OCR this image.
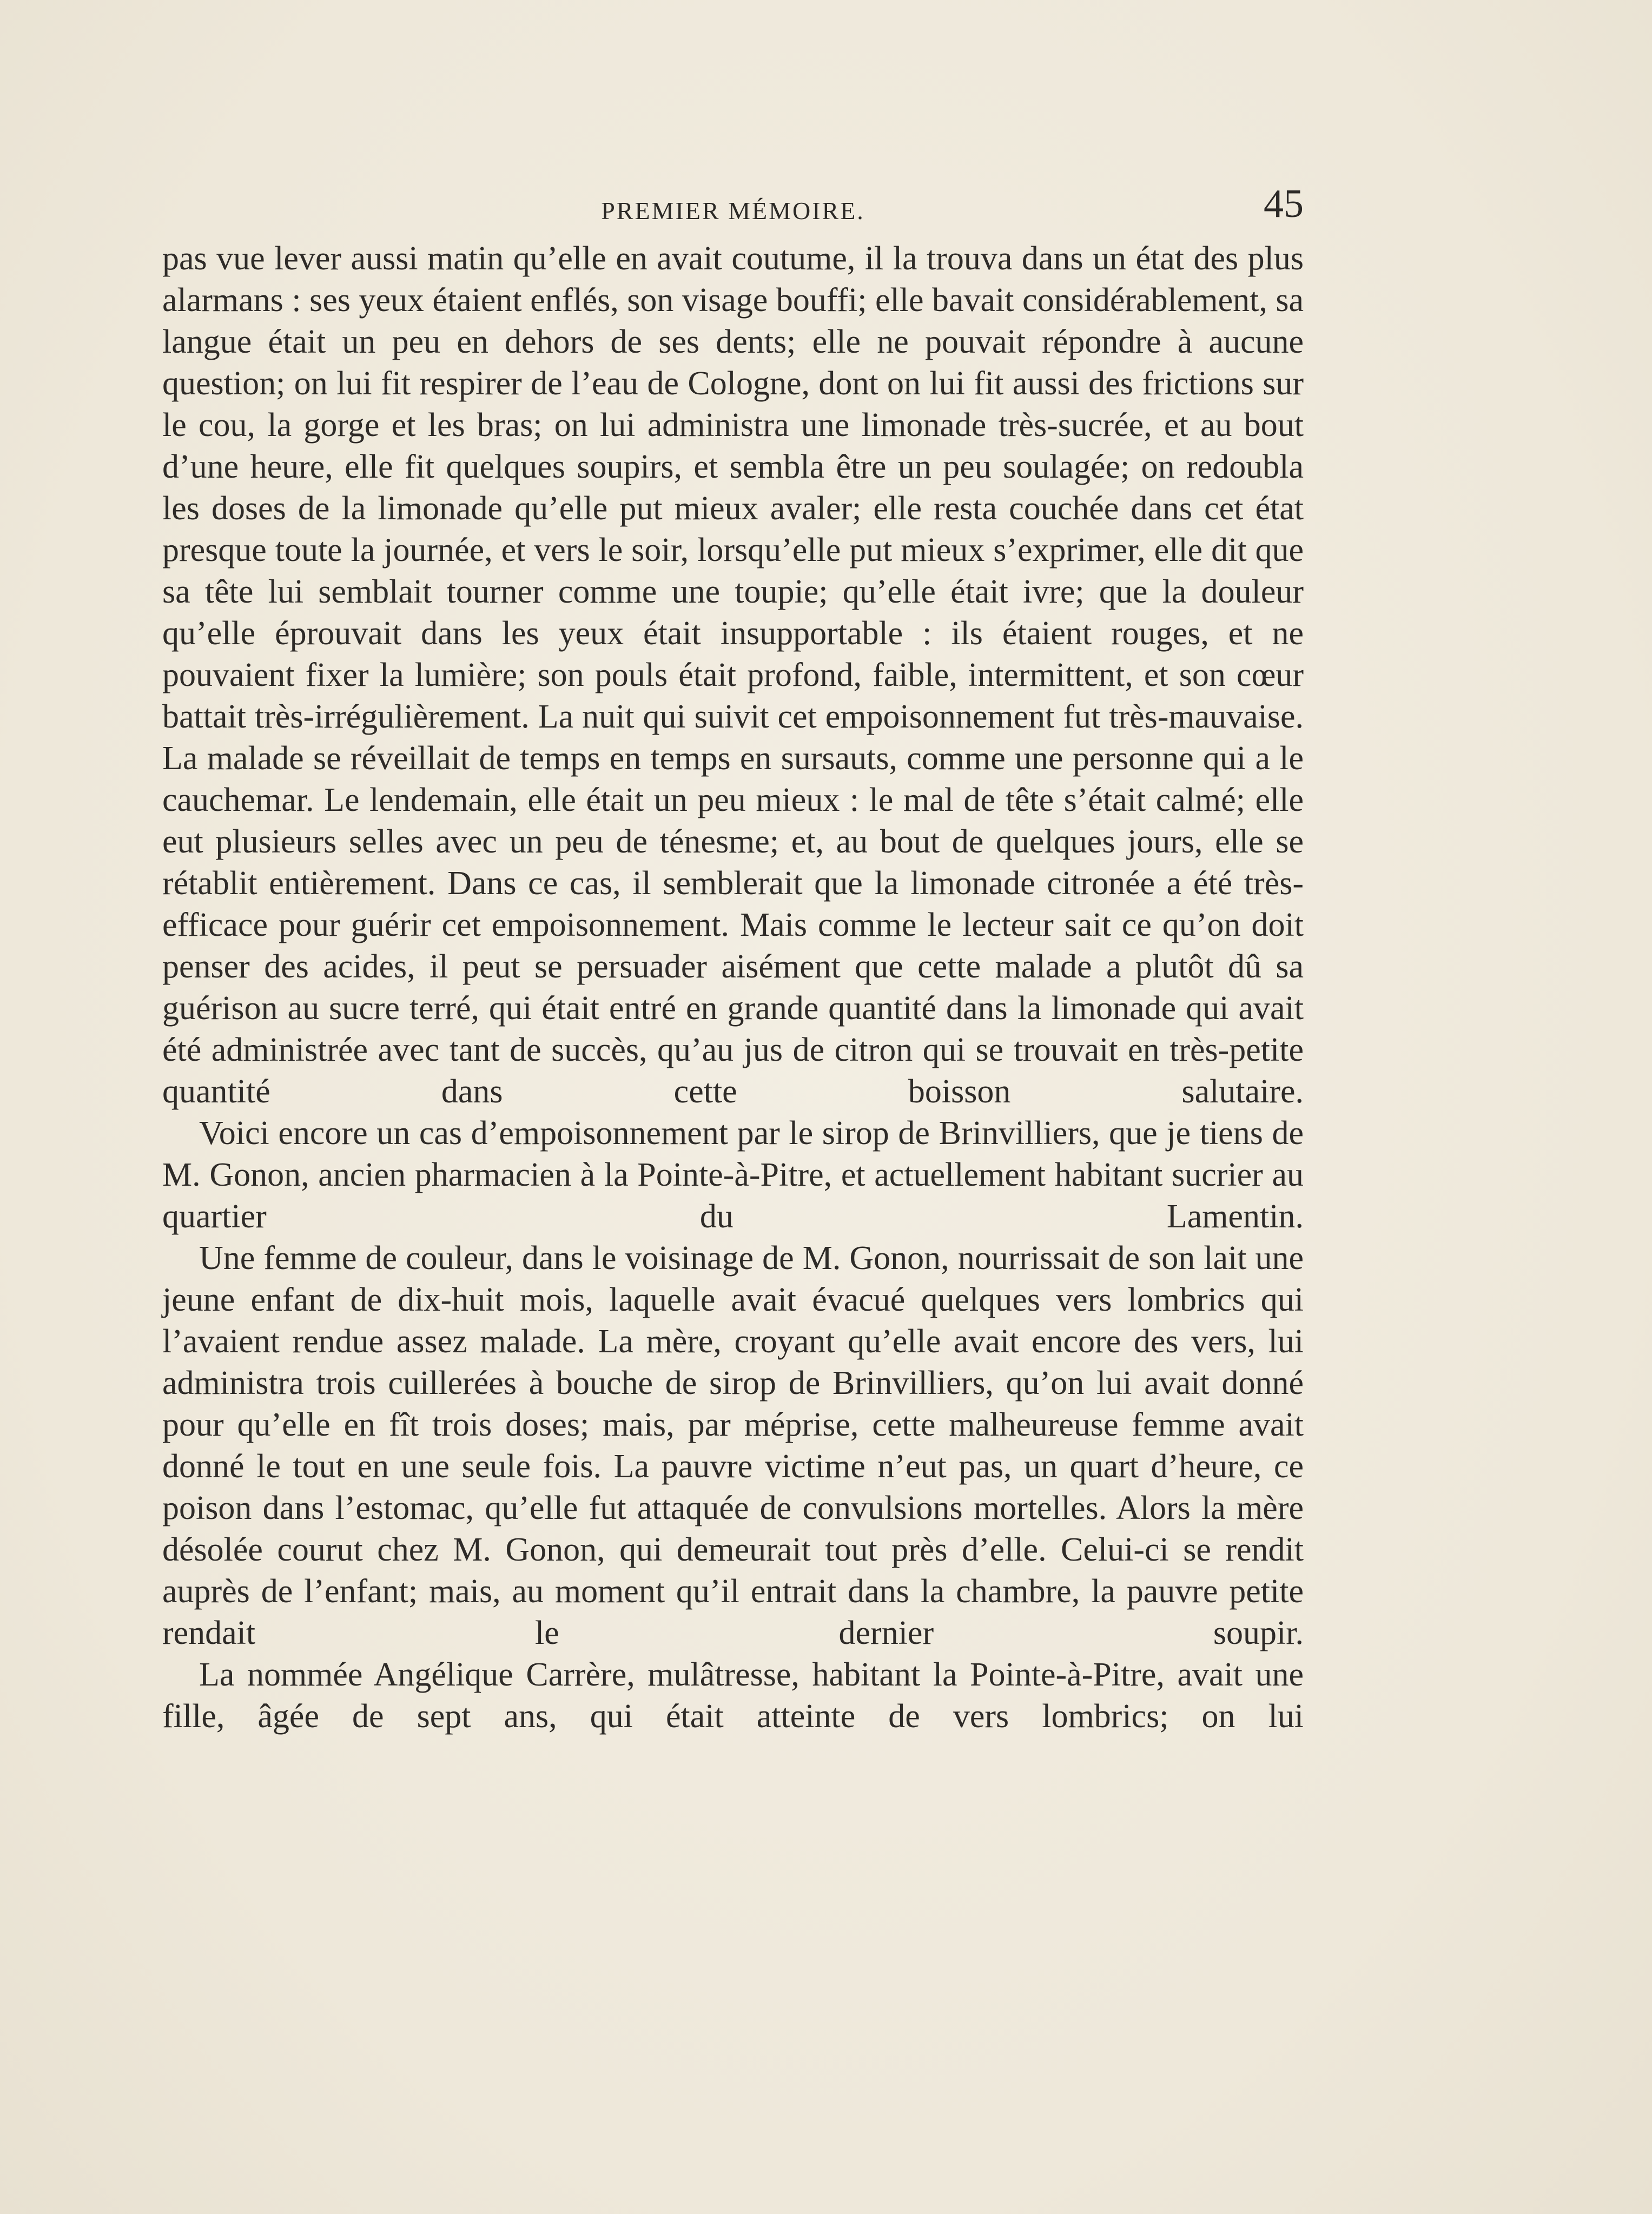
PREMIER MÉMOIRE.	45

pas vue lever aussi matin qu’elle en avait coutume, il la trouva dans un état des plus alarmans : ses yeux étaient enflés, son visage bouffi; elle bavait considérablement, sa langue était un peu en dehors de ses dents; elle ne pouvait répondre à aucune question; on lui fit respirer de l’eau de Cologne, dont on lui fit aussi des frictions sur le cou, la gorge et les bras; on lui administra une limonade très-sucrée, et au bout d’une heure, elle fit quelques soupirs, et sembla être un peu soulagée; on redoubla les doses de la limonade qu’elle put mieux avaler; elle resta couchée dans cet état presque toute la journée, et vers le soir, lorsqu’elle put mieux s’exprimer, elle dit que sa tête lui semblait tourner comme une toupie; qu’elle était ivre; que la douleur qu’elle éprouvait dans les yeux était insupportable : ils étaient rouges, et ne pouvaient fixer la lumière; son pouls était profond, faible, intermittent, et son cœur battait très-irrégulièrement. La nuit qui suivit cet empoisonnement fut très-mauvaise. La malade se réveillait de temps en temps en sursauts, comme une personne qui a le cauchemar. Le lendemain, elle était un peu mieux : le mal de tête s’était calmé; elle eut plusieurs selles avec un peu de ténesme; et, au bout de quelques jours, elle se rétablit entièrement. Dans ce cas, il semblerait que la limonade citronée a été très-efficace pour guérir cet empoisonnement. Mais comme le lecteur sait ce qu’on doit penser des acides, il peut se persuader aisément que cette malade a plutôt dû sa guérison au sucre terré, qui était entré en grande quantité dans la limonade qui avait été administrée avec tant de succès, qu’au jus de citron qui se trouvait en très-petite quantité dans cette boisson salutaire.

Voici encore un cas d’empoisonnement par le sirop de Brinvilliers, que je tiens de M. Gonon, ancien pharmacien à la Pointe-à-Pitre, et actuellement habitant sucrier au quartier du Lamentin.

Une femme de couleur, dans le voisinage de M. Gonon, nourrissait de son lait une jeune enfant de dix-huit mois, laquelle avait évacué quelques vers lombrics qui l’avaient rendue assez malade. La mère, croyant qu’elle avait encore des vers, lui administra trois cuillerées à bouche de sirop de Brinvilliers, qu’on lui avait donné pour qu’elle en fît trois doses; mais, par méprise, cette malheureuse femme avait donné le tout en une seule fois. La pauvre victime n’eut pas, un quart d’heure, ce poison dans l’estomac, qu’elle fut attaquée de convulsions mortelles. Alors la mère désolée courut chez M. Gonon, qui demeurait tout près d’elle. Celui-ci se rendit auprès de l’enfant; mais, au moment qu’il entrait dans la chambre, la pauvre petite rendait le dernier soupir.

La nommée Angélique Carrère, mulâtresse, habitant la Pointe-à-Pitre, avait une fille, âgée de sept ans, qui était atteinte de vers lombrics; on lui
